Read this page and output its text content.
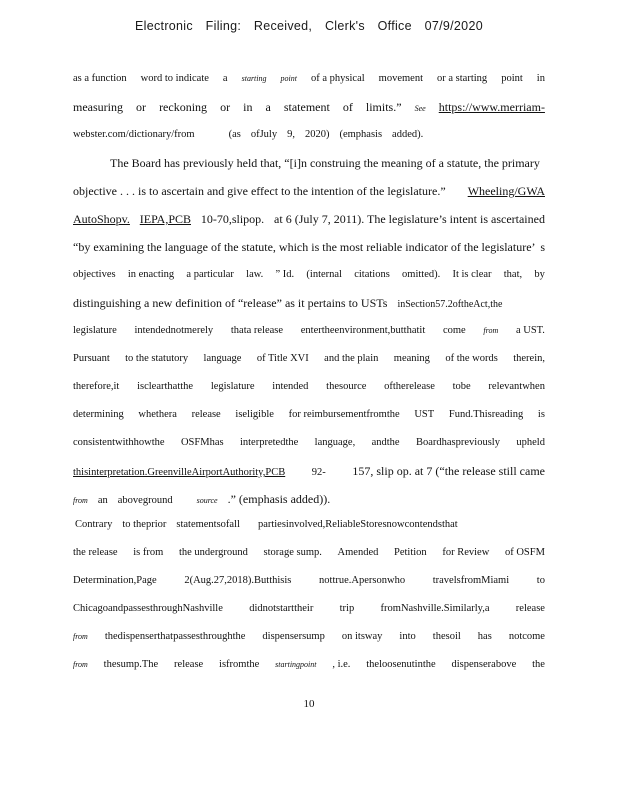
Electronic Filing: Received, Clerk's Office 07/9/2020
as a function word to indicate a starting point of a physical movement or a starting point in
measuring or reckoning or in a statement of limits.” See https://www.merriam-
webster.com/dictionary/from	(as ofJuly 9, 2020) (emphasis added).
The Board has previously held that, “[i]n construing the meaning of a statute, the primary
objective . . . is to ascertain and give effect to the intention of the legislature.” Wheeling/GWA
AutoShopv. IEPA,PCB 10-70,slipop. at 6 (July 7, 2011). The legislature’s intent is ascertained
“by examining the language of the statute, which is the most reliable indicator of the legislature’ s
objectives in enacting a particular law. ” Id. (internal citations omitted). It is clear that, by
distinguishing a new definition of “release” as it pertains to USTs inSection57.2oftheAct,the
legislature intendednotmerely thata release entertheenvironment,butthatit come from a UST.
Pursuant to the statutory language of Title XVI and the plain meaning of the words therein,
therefore,it isclearthatthe legislature intended thesource oftherelease tobe relevantwhen
determining whethera release iseligible for reimbursementfromthe UST Fund.Thisreading is
consistentwithhowthe OSFMhas interpretedthe language, andthe Boardhaspreviously upheld
thisinterpretation.GreenvilleAirportAuthority,PCB	92- 157, slip op. at 7 (“the release still came
from an aboveground	source .” (emphasis added)).
Contrary to theprior statementsofall partiesinvolved,ReliableStoresnowcontendsthat
the release is from the underground storage sump. Amended Petition for Review of OSFM
Determination,Page	2(Aug.27,2018).Butthisis	nottrue.Apersonwho	travelsfromMiami	to
ChicagoandpassesthroughNashville	didnotstarttheir	trip	fromNashville.Similarly,a	release
from thedispenserthatpassesthroughthe dispensersump on itsway into thesoil has notcome
from thesump.The release isfromthe startingpoint , i.e. theloosenutinthe dispenserabove the
10
